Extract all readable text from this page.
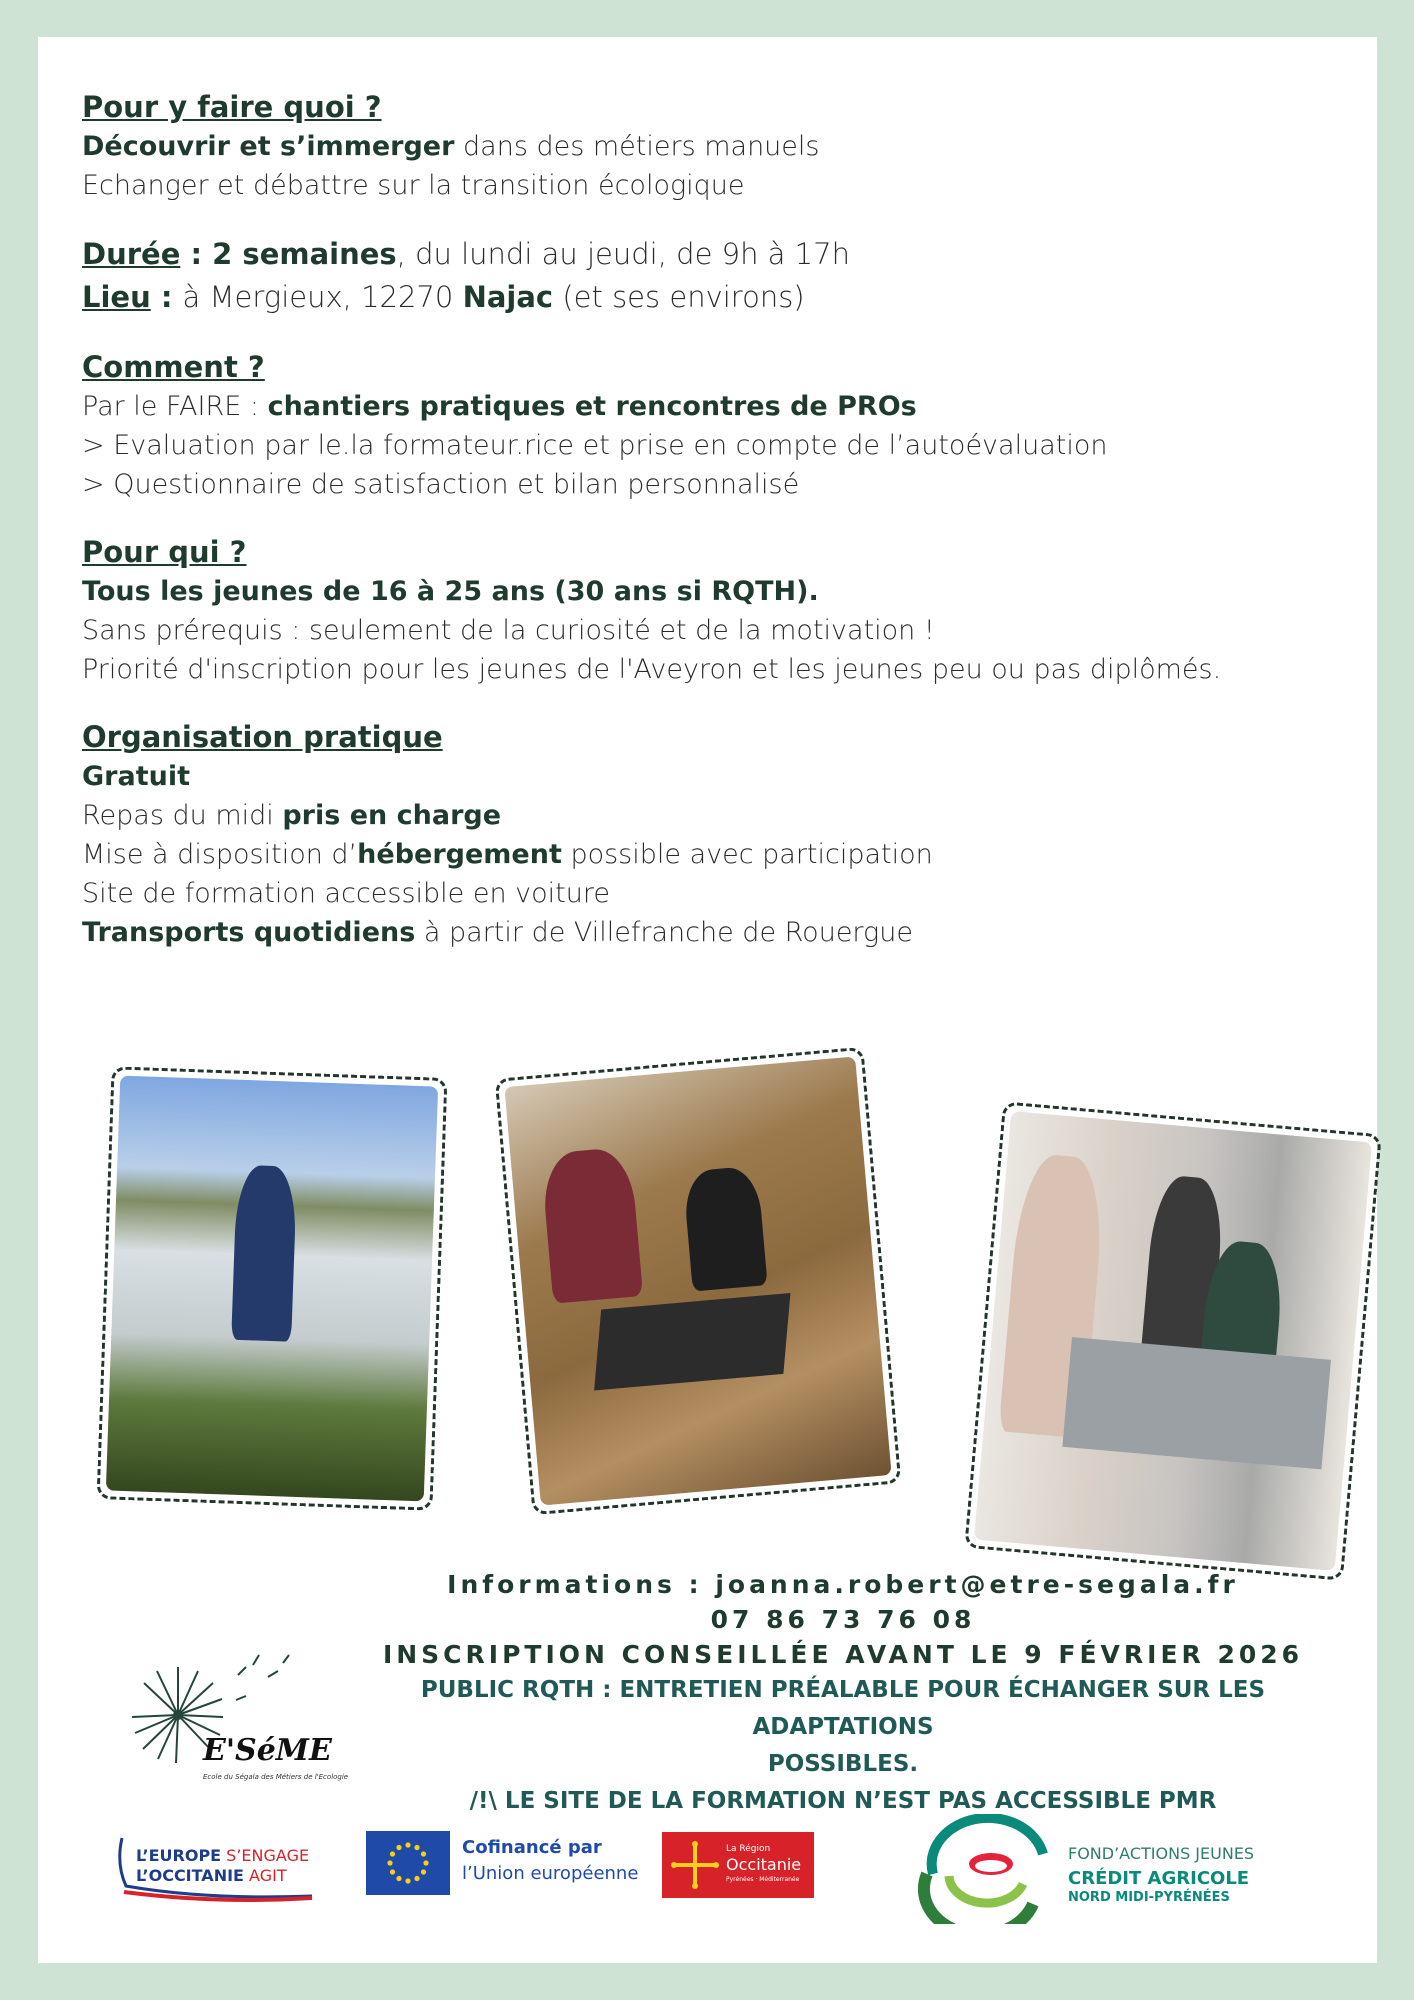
Pour y faire quoi ?
Découvrir et s’immerger dans des métiers manuels
Echanger et débattre sur la transition écologique
Durée : 2 semaines, du lundi au jeudi, de 9h à 17h
Lieu : à Mergieux, 12270 Najac (et ses environs)
Comment ?
Par le FAIRE : chantiers pratiques et rencontres de PROs
> Evaluation par le.la formateur.rice et prise en compte de l’autoévaluation
> Questionnaire de satisfaction et bilan personnalisé
Pour qui ?
Tous les jeunes de 16 à 25 ans (30 ans si RQTH).
Sans prérequis : seulement de la curiosité et de la motivation !
Priorité d'inscription pour les jeunes de l'Aveyron et les jeunes peu ou pas diplômés.
Organisation pratique
Gratuit
Repas du midi pris en charge
Mise à disposition d’hébergement possible avec participation
Site de formation accessible en voiture
Transports quotidiens à partir de Villefranche de Rouergue
E'SéME
Ecole du Ségala des Métiers de l'Ecologie
Informations : joanna.robert@etre-segala.fr
07 86 73 76 08
INSCRIPTION CONSEILLÉE AVANT LE 9 FÉVRIER 2026
PUBLIC RQTH : ENTRETIEN PRÉALABLE POUR ÉCHANGER SUR LES ADAPTATIONS
POSSIBLES.
/!\ LE SITE DE LA FORMATION N’EST PAS ACCESSIBLE PMR
L’EUROPE S’ENGAGE
L’OCCITANIE AGIT
Cofinancé par
l’Union européenne
La Région
Occitanie
Pyrénées · Méditerranée
FOND’ACTIONS JEUNES
CRÉDIT AGRICOLE
NORD MIDI-PYRÉNÉES
